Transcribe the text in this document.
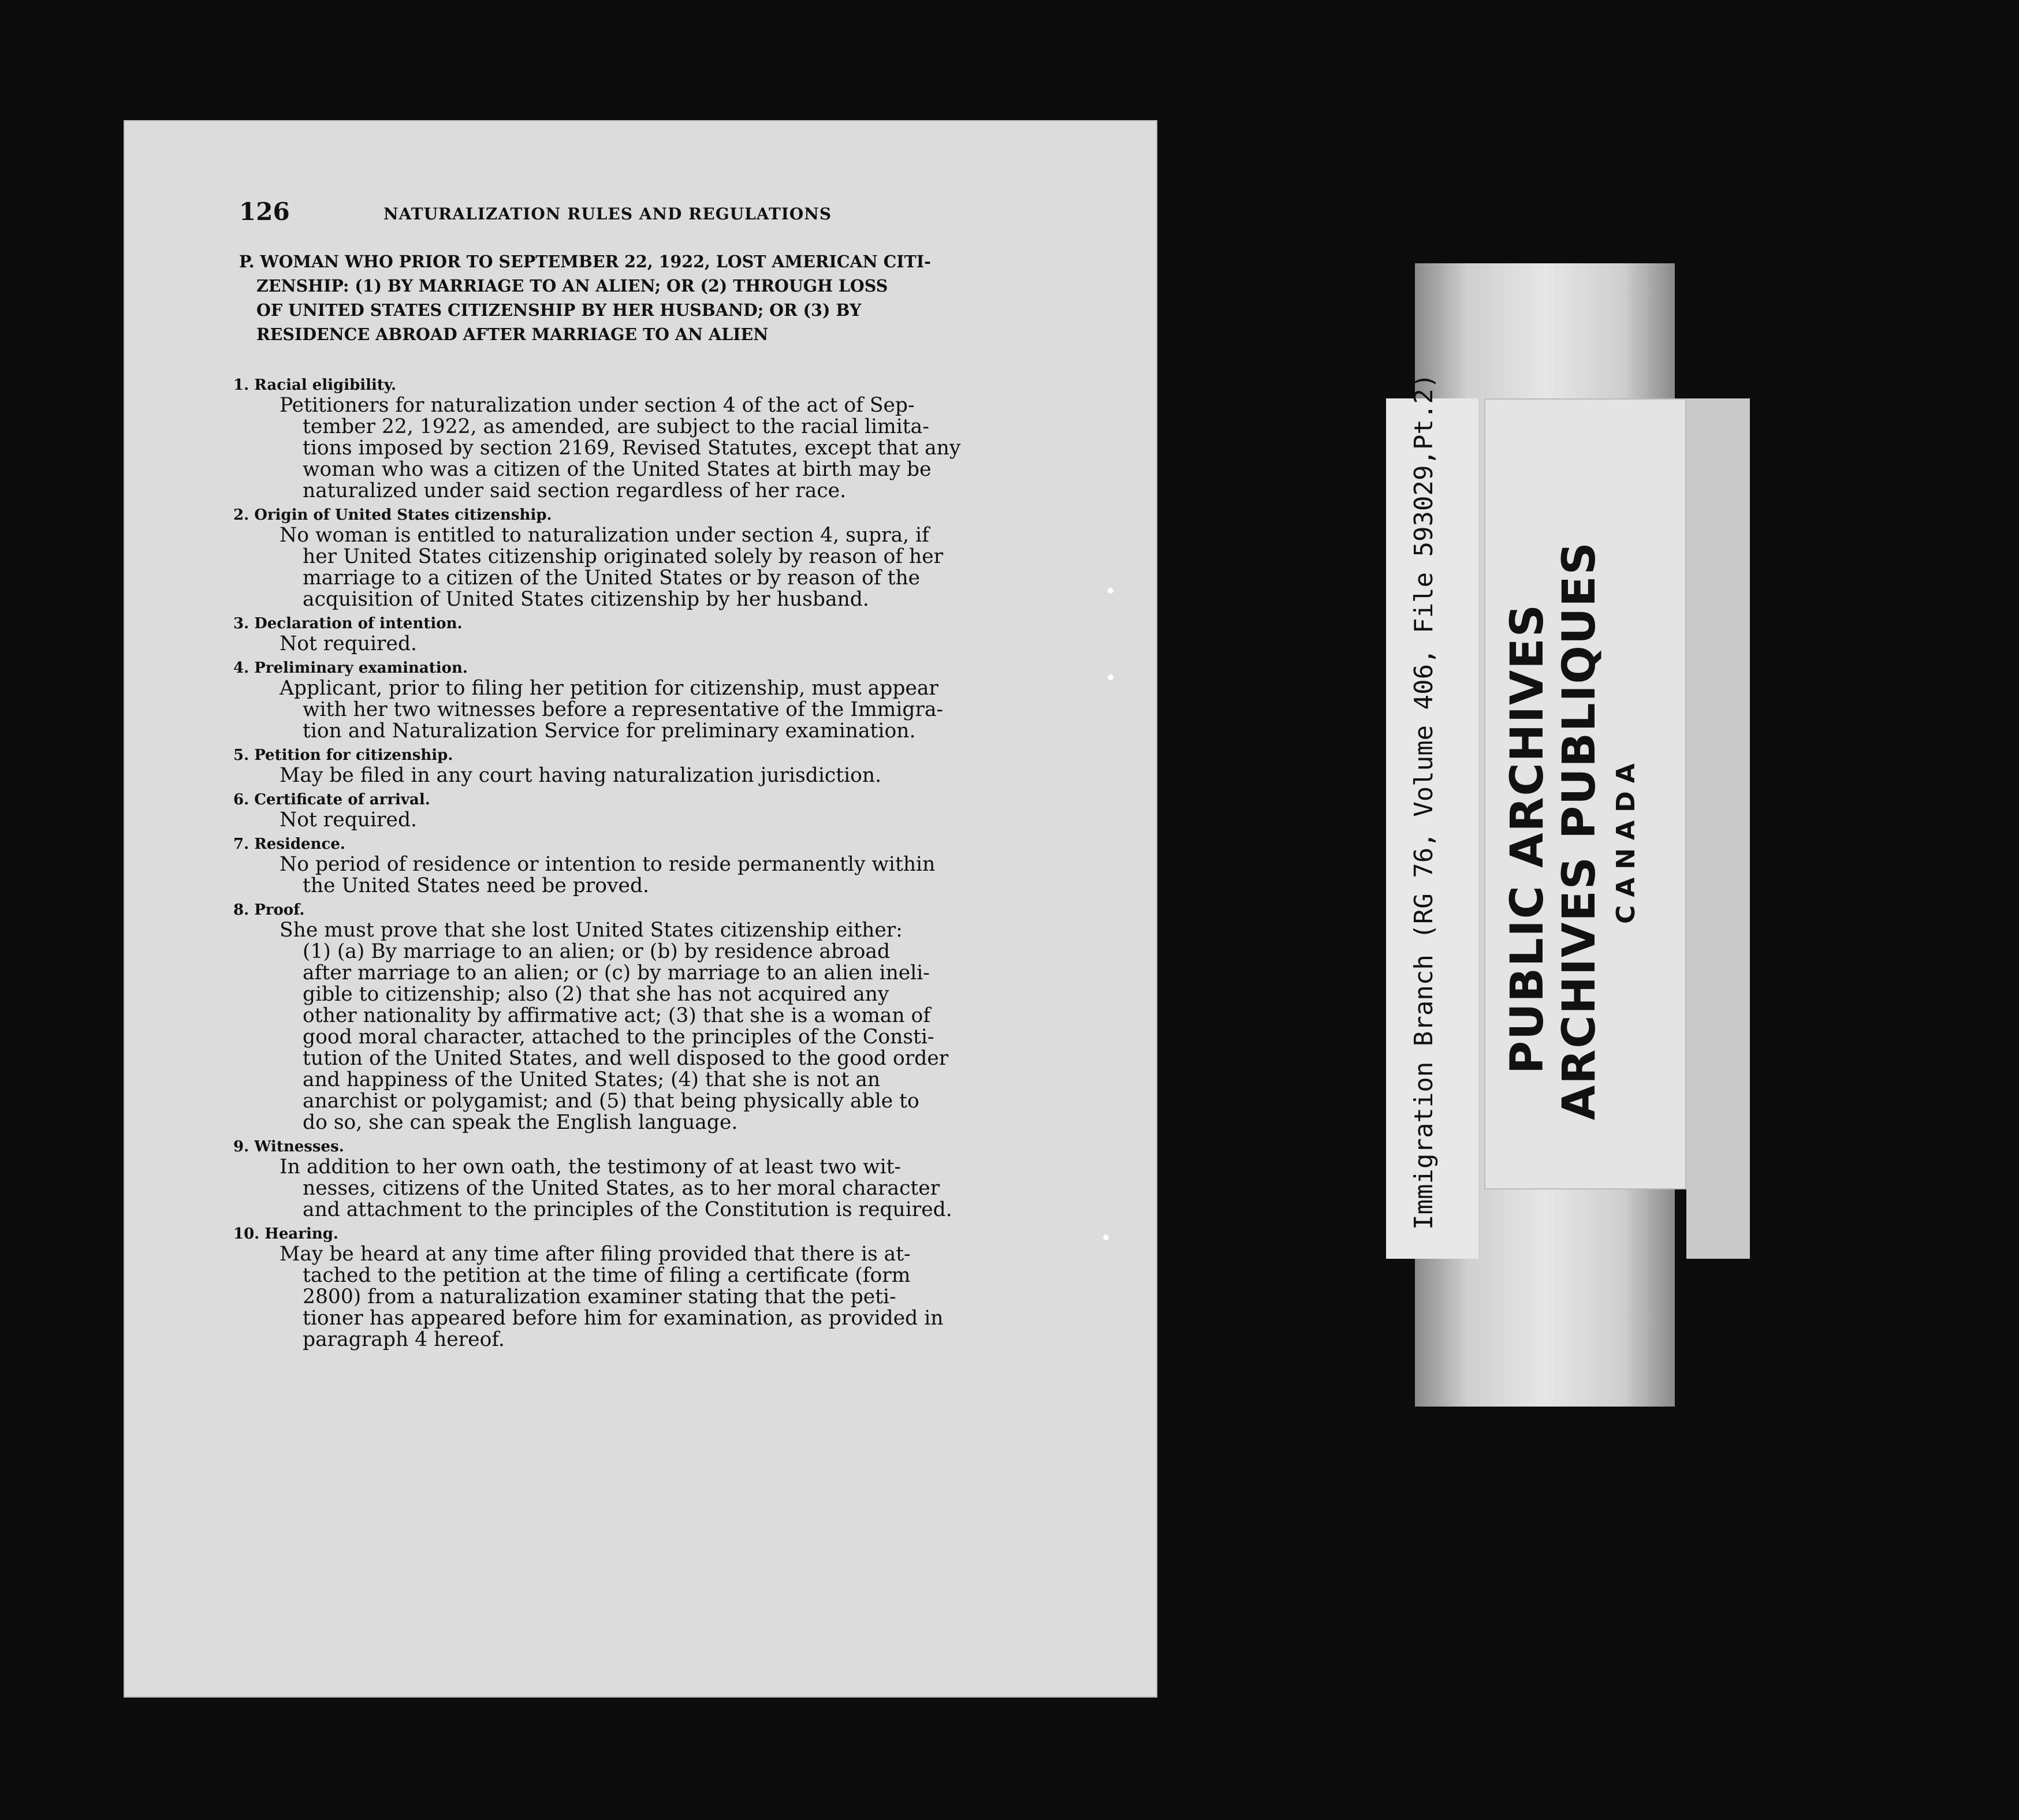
126	NATURALIZATION RULES AND REGULATIONS
P. WOMAN WHO PRIOR TO SEPTEMBER 22, 1922, LOST AMERICAN CITI-
ZENSHIP: (1) BY MARRIAGE TO AN ALIEN; OR (2) THROUGH LOSS
OF UNITED STATES CITIZENSHIP BY HER HUSBAND; OR (3) BY
RESIDENCE ABROAD AFTER MARRIAGE TO AN ALIEN
1. Racial eligibility.
Petitioners for naturalization under section 4 of the act of Sep-
tember 22, 1922, as amended, are subject to the racial limita-
tions imposed by section 2169, Revised Statutes, except that any
woman who was a citizen of the United States at birth may be
naturalized under said section regardless of her race.
2. Origin of United States citizenship.
No woman is entitled to naturalization under section 4, supra, if
her United States citizenship originated solely by reason of her
marriage to a citizen of the United States or by reason of the
acquisition of United States citizenship by her husband.
3. Declaration of intention.
Not required.
4. Preliminary examination.
Applicant, prior to filing her petition for citizenship, must appear
with her two witnesses before a representative of the Immigra-
tion and Naturalization Service for preliminary examination.
5. Petition for citizenship.
May be filed in any court having naturalization jurisdiction.
6. Certificate of arrival.
Not required.
7. Residence.
No period of residence or intention to reside permanently within
the United States need be proved.
8. Proof.
She must prove that she lost United States citizenship either:
(1) (a) By marriage to an alien; or (b) by residence abroad
after marriage to an alien; or (c) by marriage to an alien ineli-
gible to citizenship; also (2) that she has not acquired any
other nationality by affirmative act; (3) that she is a woman of
good moral character, attached to the principles of the Consti-
tution of the United States, and well disposed to the good order
and happiness of the United States; (4) that she is not an
anarchist or polygamist; and (5) that being physically able to
do so, she can speak the English language.
9. Witnesses.
In addition to her own oath, the testimony of at least two wit-
nesses, citizens of the United States, as to her moral character
and attachment to the principles of the Constitution is required.
10. Hearing.
May be heard at any time after filing provided that there is at-
tached to the petition at the time of filing a certificate (form
2800) from a naturalization examiner stating that the peti-
tioner has appeared before him for examination, as provided in
paragraph 4 hereof.
Immigration Branch (RG 76, Volume 406, File 593029,Pt.2) PUBLIC ARCHIVES ARCHIVES PUBLIQUES CANADA
